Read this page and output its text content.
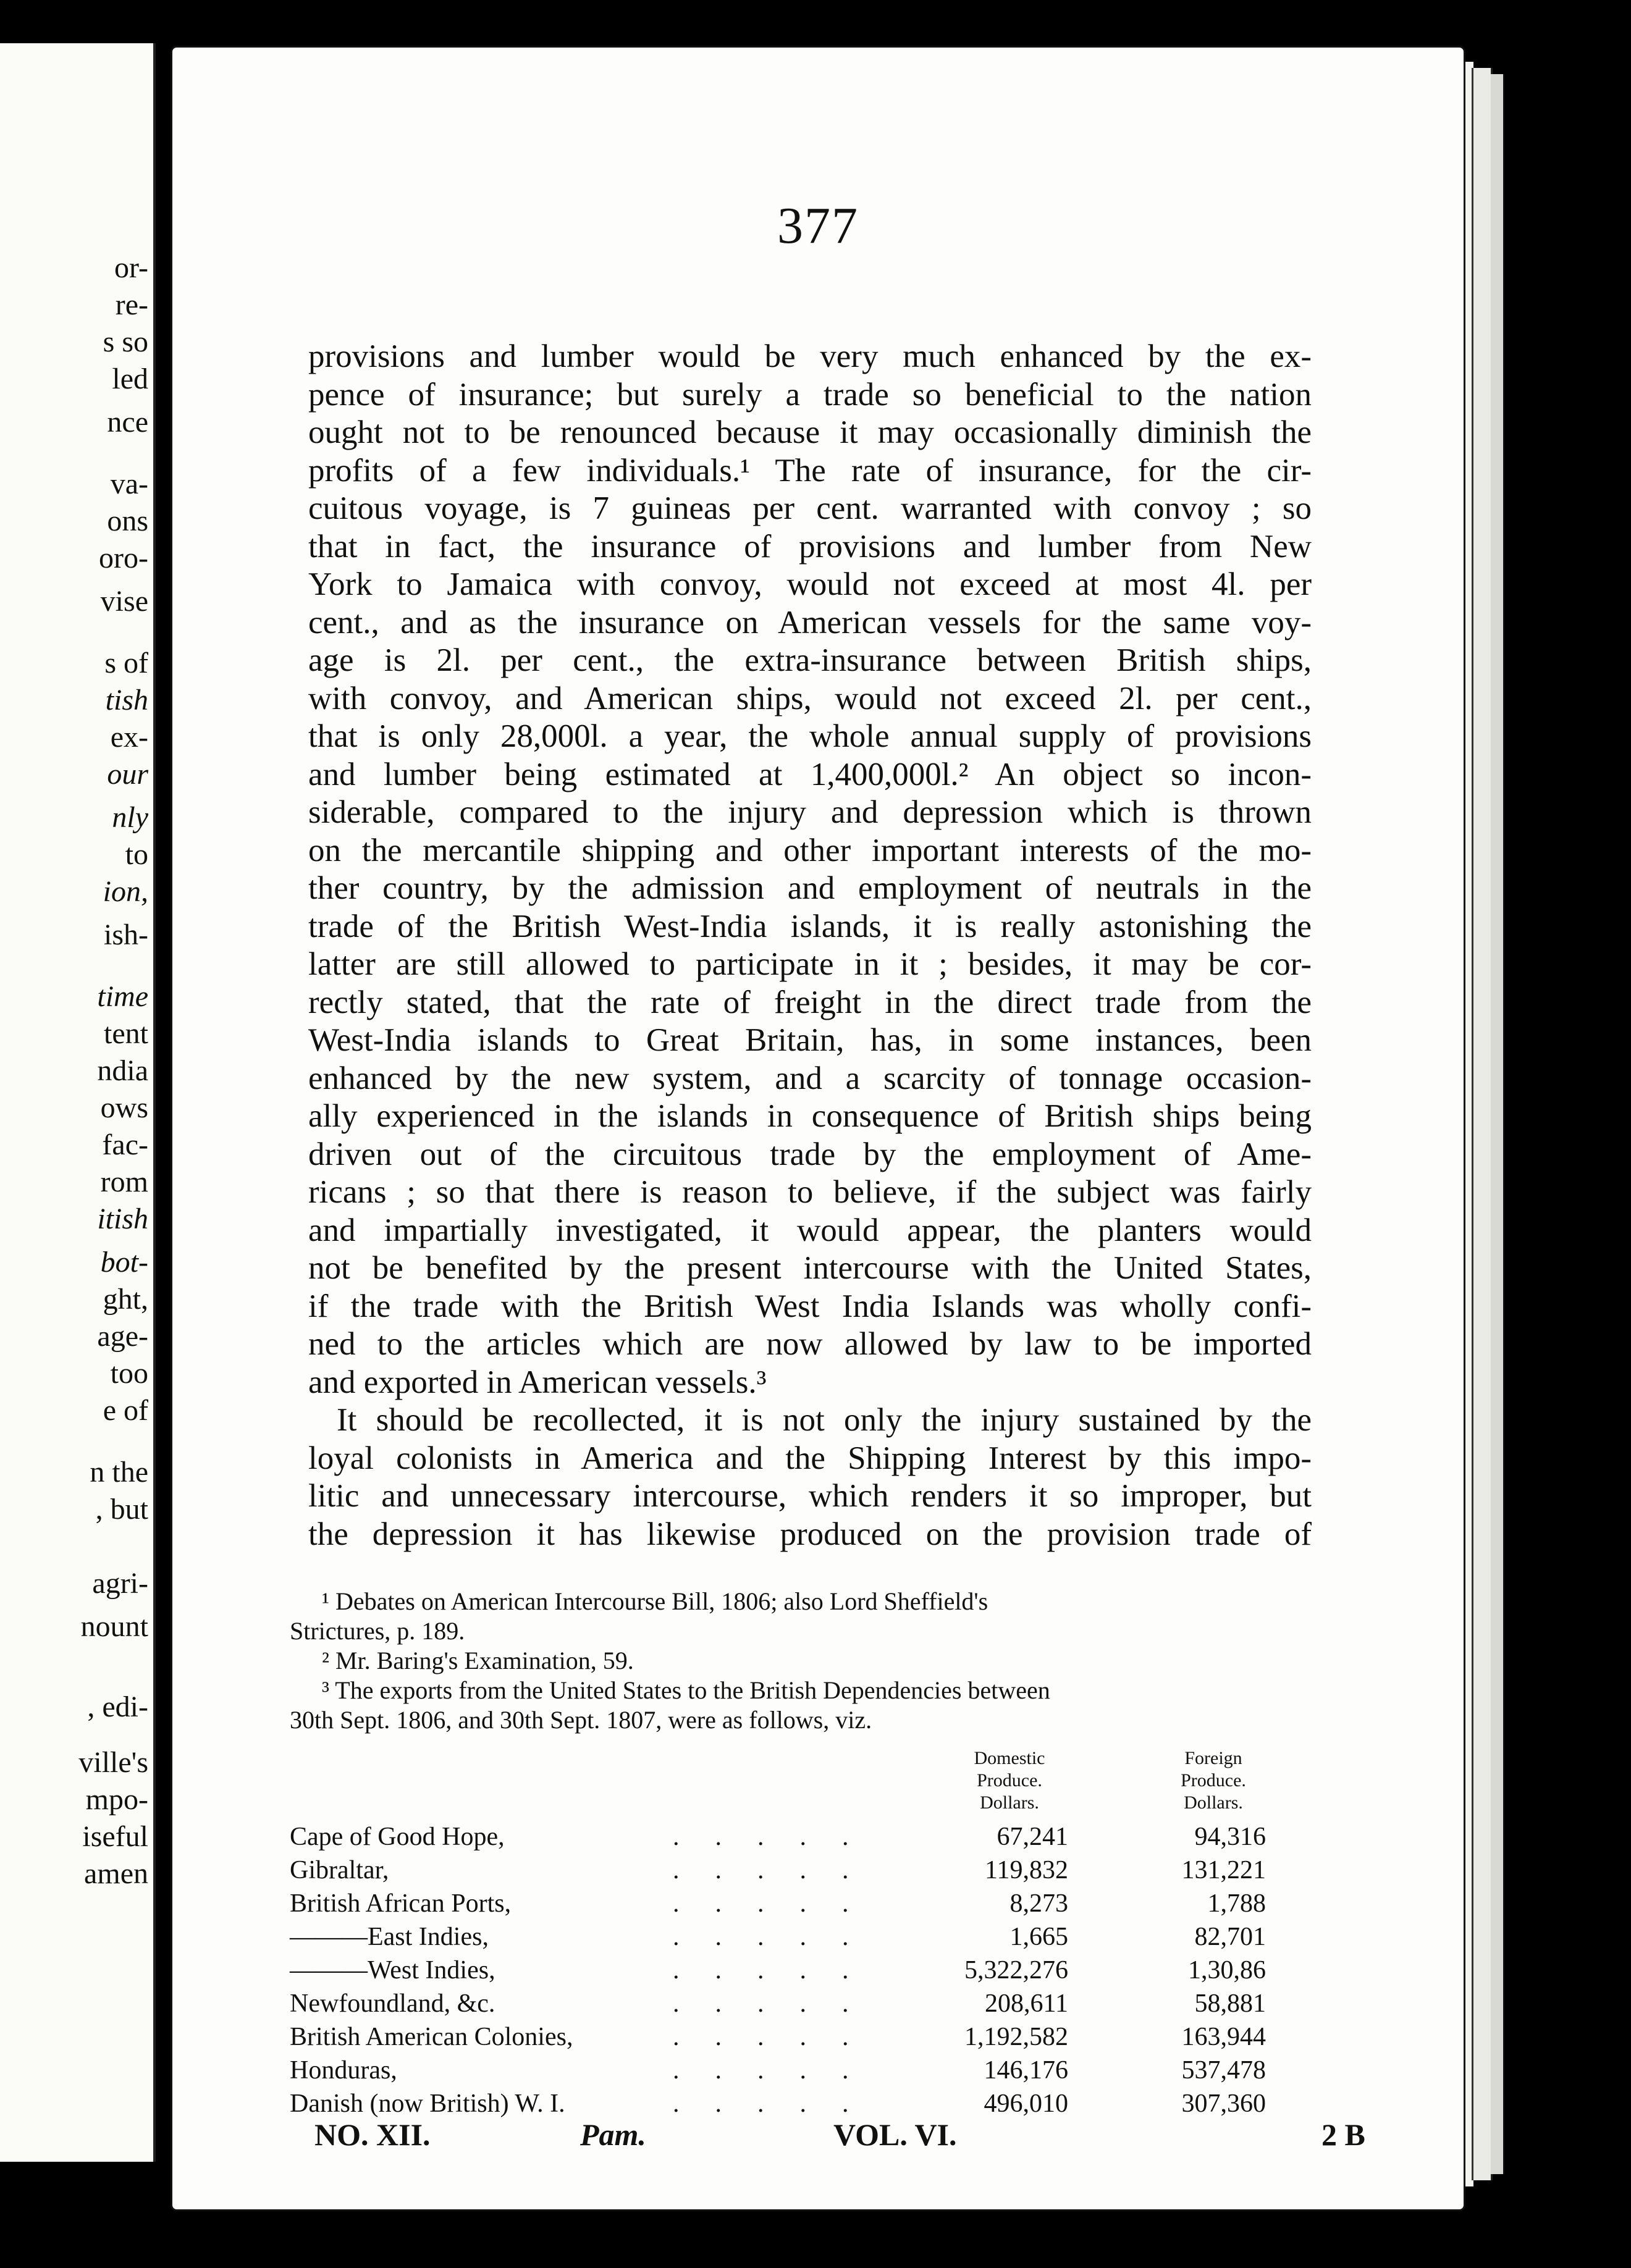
or-
re-
s so
led
nce
va-
ons
oro-
vise
s of
tish
ex-
our
nly
to
ion,
ish-
time
tent
ndia
ows
fac-
rom
itish
bot-
ght,
age-
too
e of
n the
, but
agri-
nount
, edi-
ville's
mpo-
iseful
amen
377
provisions and lumber would be very much enhanced by the ex-
pence of insurance; but surely a trade so beneficial to the nation
ought not to be renounced because it may occasionally diminish the
profits of a few individuals.¹ The rate of insurance, for the cir-
cuitous voyage, is 7 guineas per cent. warranted with convoy ; so
that in fact, the insurance of provisions and lumber from New
York to Jamaica with convoy, would not exceed at most 4l. per
cent., and as the insurance on American vessels for the same voy-
age is 2l. per cent., the extra-insurance between British ships,
with convoy, and American ships, would not exceed 2l. per cent.,
that is only 28,000l. a year, the whole annual supply of provisions
and lumber being estimated at 1,400,000l.² An object so incon-
siderable, compared to the injury and depression which is thrown
on the mercantile shipping and other important interests of the mo-
ther country, by the admission and employment of neutrals in the
trade of the British West-India islands, it is really astonishing the
latter are still allowed to participate in it ; besides, it may be cor-
rectly stated, that the rate of freight in the direct trade from the
West-India islands to Great Britain, has, in some instances, been
enhanced by the new system, and a scarcity of tonnage occasion-
ally experienced in the islands in consequence of British ships being
driven out of the circuitous trade by the employment of Ame-
ricans ; so that there is reason to believe, if the subject was fairly
and impartially investigated, it would appear, the planters would
not be benefited by the present intercourse with the United States,
if the trade with the British West India Islands was wholly confi-
ned to the articles which are now allowed by law to be imported
and exported in American vessels.³
It should be recollected, it is not only the injury sustained by the
loyal colonists in America and the Shipping Interest by this impo-
litic and unnecessary intercourse, which renders it so improper, but
the depression it has likewise produced on the provision trade of
¹ Debates on American Intercourse Bill, 1806; also Lord Sheffield's
Strictures, p. 189.
² Mr. Baring's Examination, 59.
³ The exports from the United States to the British Dependencies between
30th Sept. 1806, and 30th Sept. 1807, were as follows, viz.
Domestic
Produce.
Dollars.
Foreign
Produce.
Dollars.
Cape of Good Hope,	.....	67,241	94,316
Gibraltar,	.....	119,832	131,221
British African Ports,	.....	8,273	1,788
———East Indies,	.....	1,665	82,701
———West Indies,	.....	5,322,276	1,30,86
Newfoundland, &c.	.....	208,611	58,881
British American Colonies,	.....	1,192,582	163,944
Honduras,	.....	146,176	537,478
Danish (now British) W. I.	.....	496,010	307,360
NO. XII.	Pam.	VOL. VI.	2 B
